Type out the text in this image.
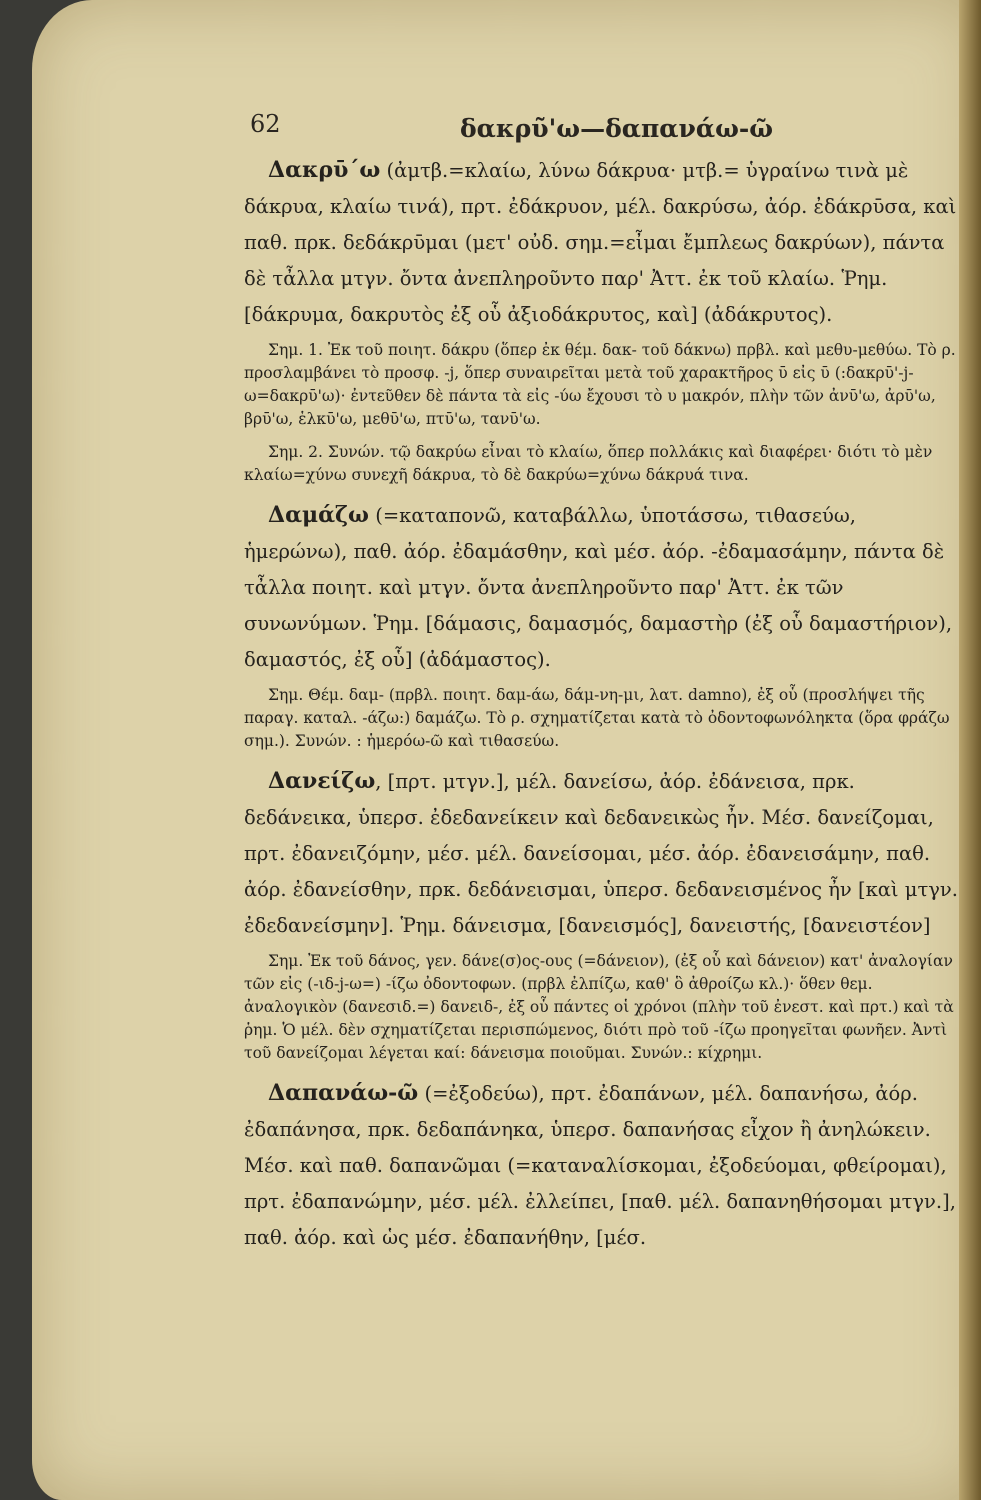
62	δακρῦ'ω—δαπανάω-ῶ

Δακρῡ΄ω (ἀμτβ.=κλαίω, λύνω δάκρυα· μτβ.= ὑγραίνω τινὰ μὲ δάκρυα, κλαίω τινά), πρτ. ἐδάκρυον, μέλ. δακρύσω, ἀόρ. ἐδάκρῡσα, καὶ παθ. πρκ. δεδάκρῡμαι (μετ' οὐδ. σημ.=εἶμαι ἔμπλεως δακρύων), πάντα δὲ τἆλλα μτγν. ὄντα ἀνεπληροῦντο παρ' Ἀττ. ἐκ τοῦ κλαίω. Ῥημ. [δάκρυμα, δακρυτὸς ἐξ οὗ ἀξιοδάκρυτος, καὶ] (ἀδάκρυτος).

Σημ. 1. Ἐκ τοῦ ποιητ. δάκρυ (ὅπερ ἐκ θέμ. δακ- τοῦ δάκνω) πρβλ. καὶ μεθυ-μεθύω. Τὸ ρ. προσλαμβάνει τὸ προσφ. -j, ὅπερ συναιρεῖται μετὰ τοῦ χαρακτῆρος ῡ εἰς ῡ (:δακρῡ'-j-ω=δακρῡ'ω)· ἐντεῦθεν δὲ πάντα τὰ εἰς -ύω ἔχουσι τὸ υ μακρόν, πλὴν τῶν ἀνῡ'ω, ἀρῡ'ω, βρῡ'ω, ἑλκῡ'ω, μεθῡ'ω, πτῡ'ω, τανῡ'ω.

Σημ. 2. Συνών. τῷ δακρύω εἶναι τὸ κλαίω, ὅπερ πολλάκις καὶ διαφέρει· διότι τὸ μὲν κλαίω=χύνω συνεχῆ δάκρυα, τὸ δὲ δακρύω=χύνω δάκρυά τινα.

Δαμάζω (=καταπονῶ, καταβάλλω, ὑποτάσσω, τιθασεύω, ἡμερώνω), παθ. ἀόρ. ἐδαμάσθην, καὶ μέσ. ἀόρ. -ἐδαμασάμην, πάντα δὲ τἆλλα ποιητ. καὶ μτγν. ὄντα ἀνεπληροῦντο παρ' Ἀττ. ἐκ τῶν συνωνύμων. Ῥημ. [δάμασις, δαμασμός, δαμαστὴρ (ἐξ οὗ δαμαστήριον), δαμαστός, ἐξ οὗ] (ἀδάμαστος).

Σημ. Θέμ. δαμ- (πρβλ. ποιητ. δαμ-άω, δάμ-νη-μι, λατ. damno), ἐξ οὗ (προσλήψει τῆς παραγ. καταλ. -άζω:) δαμάζω. Τὸ ρ. σχηματίζεται κατὰ τὸ ὀδοντοφωνόληκτα (ὅρα φράζω σημ.). Συνών. : ἡμερόω-ῶ καὶ τιθασεύω.

Δανείζω, [πρτ. μτγν.], μέλ. δανείσω, ἀόρ. ἐδάνεισα, πρκ. δεδάνεικα, ὑπερσ. ἐδεδανείκειν καὶ δεδανεικὼς ἦν. Μέσ. δανείζομαι, πρτ. ἐδανειζόμην, μέσ. μέλ. δανείσομαι, μέσ. ἀόρ. ἐδανεισάμην, παθ. ἀόρ. ἐδανείσθην, πρκ. δεδάνεισμαι, ὑπερσ. δεδανεισμένος ἦν [καὶ μτγν. ἐδεδανείσμην]. Ῥημ. δάνεισμα, [δανεισμός], δανειστής, [δανειστέον]

Σημ. Ἐκ τοῦ δάνος, γεν. δάνε(σ)ος-ους (=δάνειον), (ἐξ οὗ καὶ δάνειον) κατ' ἀναλογίαν τῶν εἰς (-ιδ-j-ω=) -ίζω ὀδοντοφων. (πρβλ ἐλπίζω, καθ' ὃ ἀθροίζω κλ.)· ὅθεν θεμ. ἀναλογικὸν (δανεσιδ.=) δανειδ-, ἐξ οὗ πάντες οἱ χρόνοι (πλὴν τοῦ ἐνεστ. καὶ πρτ.) καὶ τὰ ῥημ. Ὁ μέλ. δὲν σχηματίζεται περισπώμενος, διότι πρὸ τοῦ -ίζω προηγεῖται φωνῆεν. Ἀντὶ τοῦ δανείζομαι λέγεται καί: δάνεισμα ποιοῦμαι. Συνών.: κίχρημι.

Δαπανάω-ῶ (=ἐξοδεύω), πρτ. ἐδαπάνων, μέλ. δαπανήσω, ἀόρ. ἐδαπάνησα, πρκ. δεδαπάνηκα, ὑπερσ. δαπανήσας εἶχον ἢ ἀνηλώκειν. Μέσ. καὶ παθ. δαπανῶμαι (=καταναλίσκομαι, ἐξοδεύομαι, φθείρομαι), πρτ. ἐδαπανώμην, μέσ. μέλ. ἐλλείπει, [παθ. μέλ. δαπανηθήσομαι μτγν.], παθ. ἀόρ. καὶ ὡς μέσ. ἐδαπανήθην, [μέσ.
